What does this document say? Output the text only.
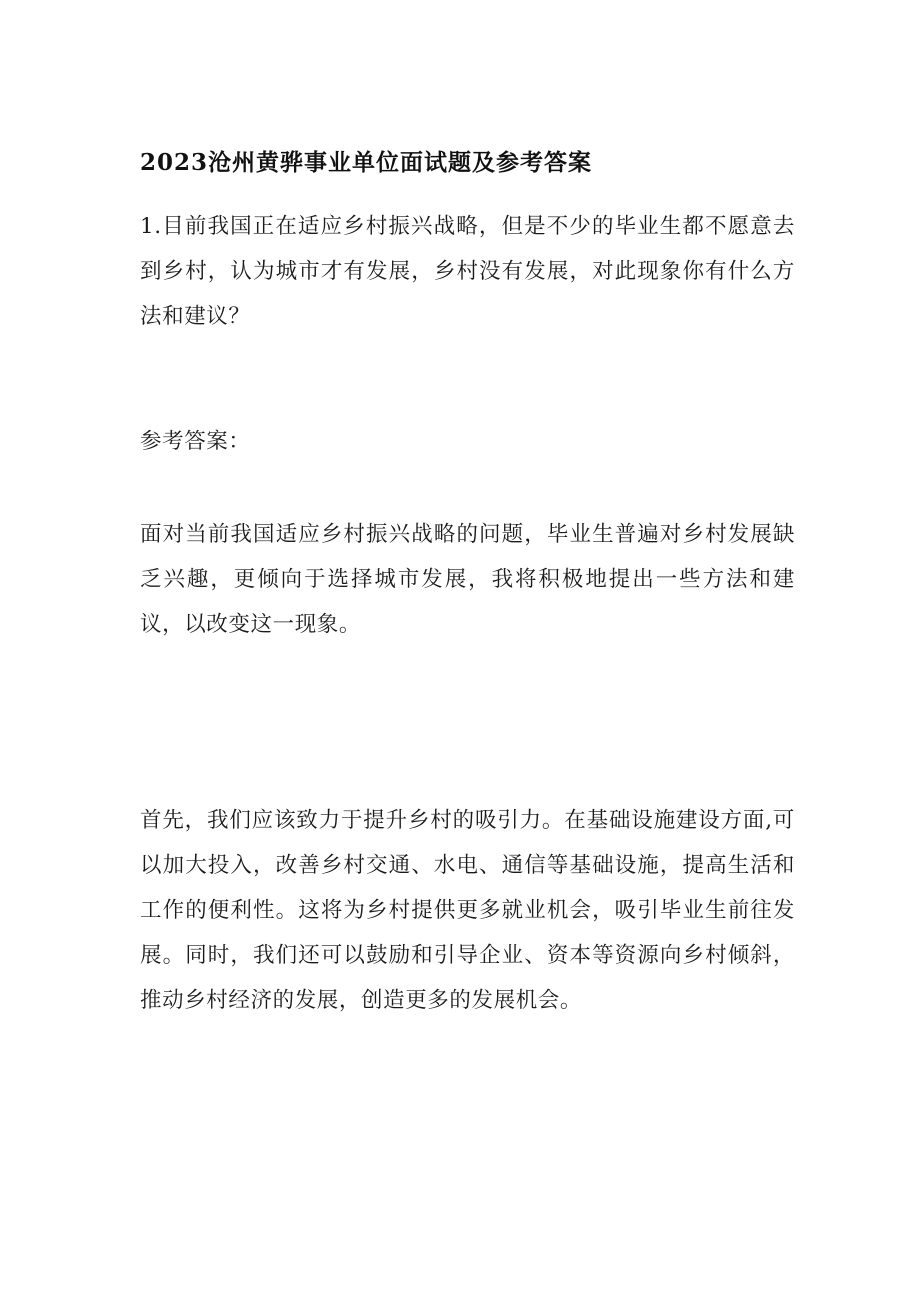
2023沧州黄骅事业单位面试题及参考答案

1.目前我国正在适应乡村振兴战略，但是不少的毕业生都不愿意去到乡村，认为城市才有发展，乡村没有发展，对此现象你有什么方法和建议？

参考答案：

面对当前我国适应乡村振兴战略的问题，毕业生普遍对乡村发展缺乏兴趣，更倾向于选择城市发展，我将积极地提出一些方法和建议，以改变这一现象。

首先，我们应该致力于提升乡村的吸引力。在基础设施建设方面,可以加大投入，改善乡村交通、水电、通信等基础设施，提高生活和工作的便利性。这将为乡村提供更多就业机会，吸引毕业生前往发展。同时，我们还可以鼓励和引导企业、资本等资源向乡村倾斜，推动乡村经济的发展，创造更多的发展机会。
